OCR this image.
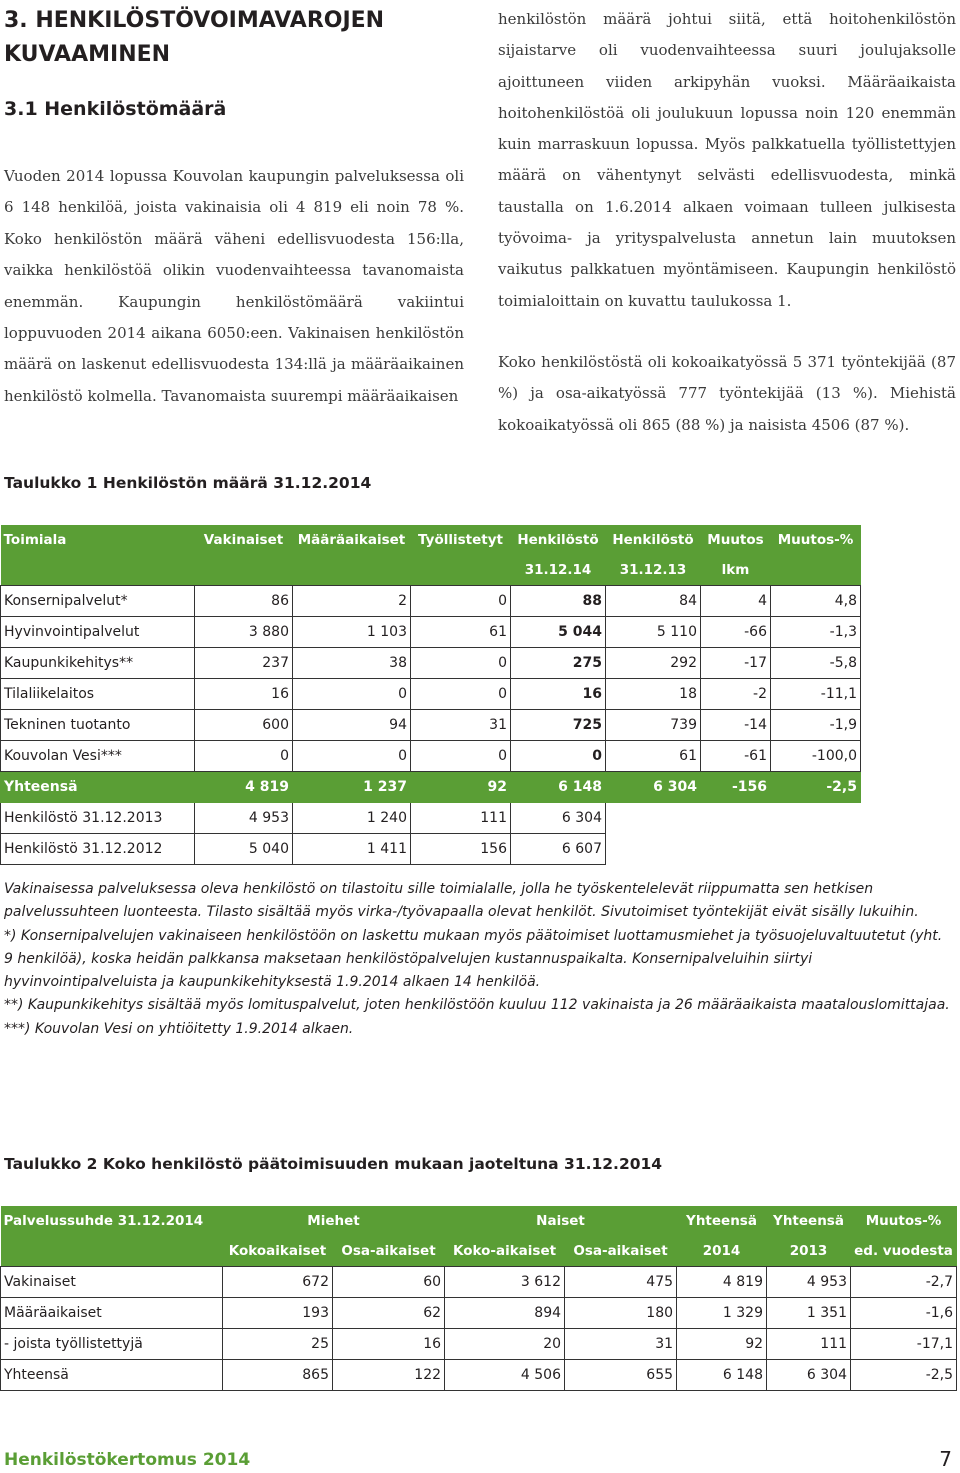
3. HENKILÖSTÖVOIMAVAROJEN KUVAAMINEN
3.1 Henkilöstömäärä

Vuoden 2014 lopussa Kouvolan kaupungin palveluksessa oli 6 148 henkilöä, joista vakinaisia oli 4 819 eli noin 78 %. Koko henkilöstön määrä väheni edellisvuodesta 156:lla, vaikka henkilöstöä olikin vuodenvaihteessa tavanomaista enemmän. Kaupungin henkilöstömäärä vakiintui loppuvuoden 2014 aikana 6050:een. Vakinaisen henkilöstön määrä on laskenut edellisvuodesta 134:llä ja määräaikainen henkilöstö kolmella. Tavanomaista suurempi määräaikaisen

henkilöstön määrä johtui siitä, että hoitohenkilöstön sijaistarve oli vuodenvaihteessa suuri joulujaksolle ajoittuneen viiden arkipyhän vuoksi. Määräaikaista hoitohenkilöstöä oli joulukuun lopussa noin 120 enemmän kuin marraskuun lopussa. Myös palkkatuella työllistettyjen määrä on vähentynyt selvästi edellisvuodesta, minkä taustalla on 1.6.2014 alkaen voimaan tulleen julkisesta työvoima- ja yrityspalvelusta annetun lain muutoksen vaikutus palkkatuen myöntämiseen. Kaupungin henkilöstö toimialoittain on kuvattu taulukossa 1.

Koko henkilöstöstä oli kokoaikatyössä 5 371 työntekijää (87 %) ja osa-aikatyössä 777 työntekijää (13 %). Miehistä kokoaikatyössä oli 865 (88 %) ja naisista 4506 (87 %).

Taulukko 1 Henkilöstön määrä 31.12.2014

Toimiala	Vakinaiset	Määräaikaiset	Työllistetyt	Henkilöstö	Henkilöstö	Muutos	Muutos-%
				31.12.14	31.12.13	lkm	
Konsernipalvelut*	86	2	0	88	84	4	4,8
Hyvinvointipalvelut	3 880	1 103	61	5 044	5 110	-66	-1,3
Kaupunkikehitys**	237	38	0	275	292	-17	-5,8
Tilaliikelaitos	16	0	0	16	18	-2	-11,1
Tekninen tuotanto	600	94	31	725	739	-14	-1,9
Kouvolan Vesi***	0	0	0	0	61	-61	-100,0
Yhteensä	4 819	1 237	92	6 148	6 304	-156	-2,5
Henkilöstö 31.12.2013	4 953	1 240	111	6 304			
Henkilöstö 31.12.2012	5 040	1 411	156	6 607			

Vakinaisessa palveluksessa oleva henkilöstö on tilastoitu sille toimialalle, jolla he työskentelelevät riippumatta sen hetkisen palvelussuhteen luonteesta. Tilasto sisältää myös virka-/työvapaalla olevat henkilöt. Sivutoimiset työntekijät eivät sisälly lukuihin.

*) Konsernipalvelujen vakinaiseen henkilöstöön on laskettu mukaan myös päätoimiset luottamusmiehet ja työsuojeluvaltuutetut (yht. 9 henkilöä), koska heidän palkkansa maksetaan henkilöstöpalvelujen kustannuspaikalta. Konsernipalveluihin siirtyi hyvinvointipalveluista ja kaupunkikehityksestä 1.9.2014 alkaen 14 henkilöä.

**) Kaupunkikehitys sisältää myös lomituspalvelut, joten henkilöstöön kuuluu 112 vakinaista ja 26 määräaikaista maatalouslomittajaa.

***) Kouvolan Vesi on yhtiöitetty 1.9.2014 alkaen.

Taulukko 2 Koko henkilöstö päätoimisuuden mukaan jaoteltuna 31.12.2014

Palvelussuhde 31.12.2014	Miehet		Naiset		Yhteensä	Yhteensä	Muutos-%
	Kokoaikaiset	Osa-aikaiset	Koko-aikaiset	Osa-aikaiset	2014	2013	ed. vuodesta
Vakinaiset	672	60	3 612	475	4 819	4 953	-2,7
Määräaikaiset	193	62	894	180	1 329	1 351	-1,6
- joista työllistettyjä	25	16	20	31	92	111	-17,1
Yhteensä	865	122	4 506	655	6 148	6 304	-2,5
Henkilöstökertomus 2014	7
